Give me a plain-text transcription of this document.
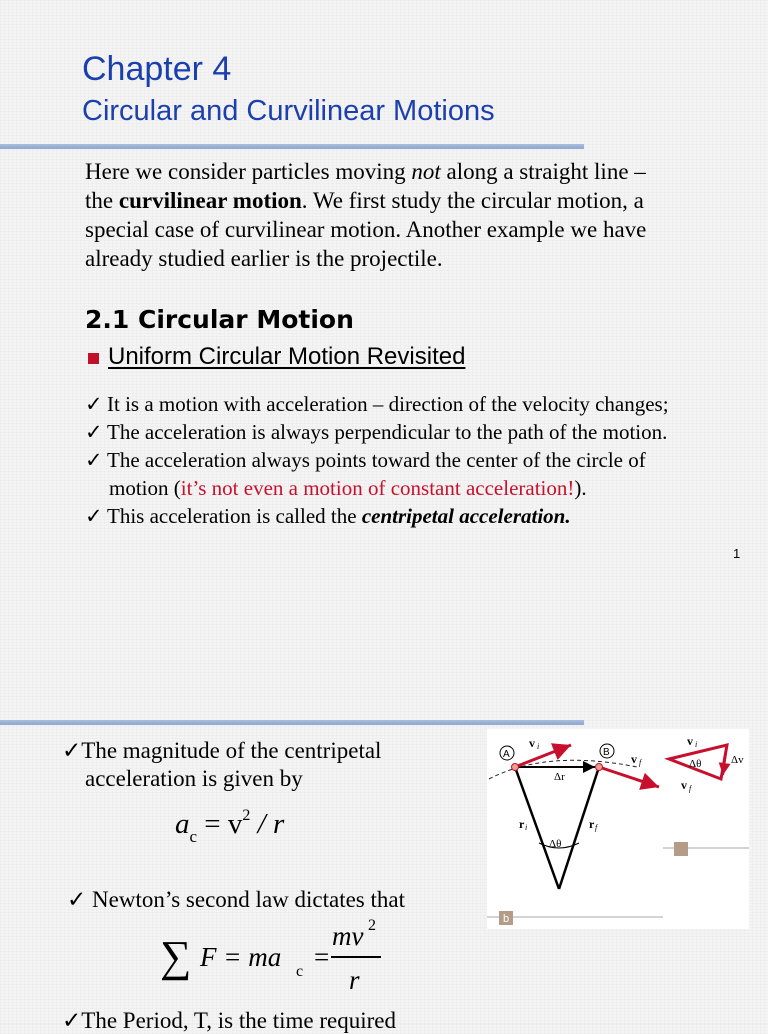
Chapter 4
Circular and Curvilinear Motions
Here we consider particles moving not along a straight line –
the curvilinear motion. We first study the circular motion, a
special case of curvilinear motion. Another example we have
already studied earlier is the projectile.
2.1 Circular Motion
Uniform Circular Motion Revisited
✓ It is a motion with acceleration – direction of the velocity changes;
✓ The acceleration is always perpendicular to the path of the motion.
✓ The acceleration always points toward the center of the circle of
motion (it’s not even a motion of constant acceleration!).
✓ This acceleration is called the centripetal acceleration.
1
✓The magnitude of the centripetal
acceleration is given by
$a_c = v^2 / r$
✓ Newton’s second law dictates that
∑ F = ma c =
mv 2
r
✓The Period, T, is the time required
A	B
c
b
v i
v f
Δr
r i	r f
Δθ
v i
v f
Δθ	Δv
